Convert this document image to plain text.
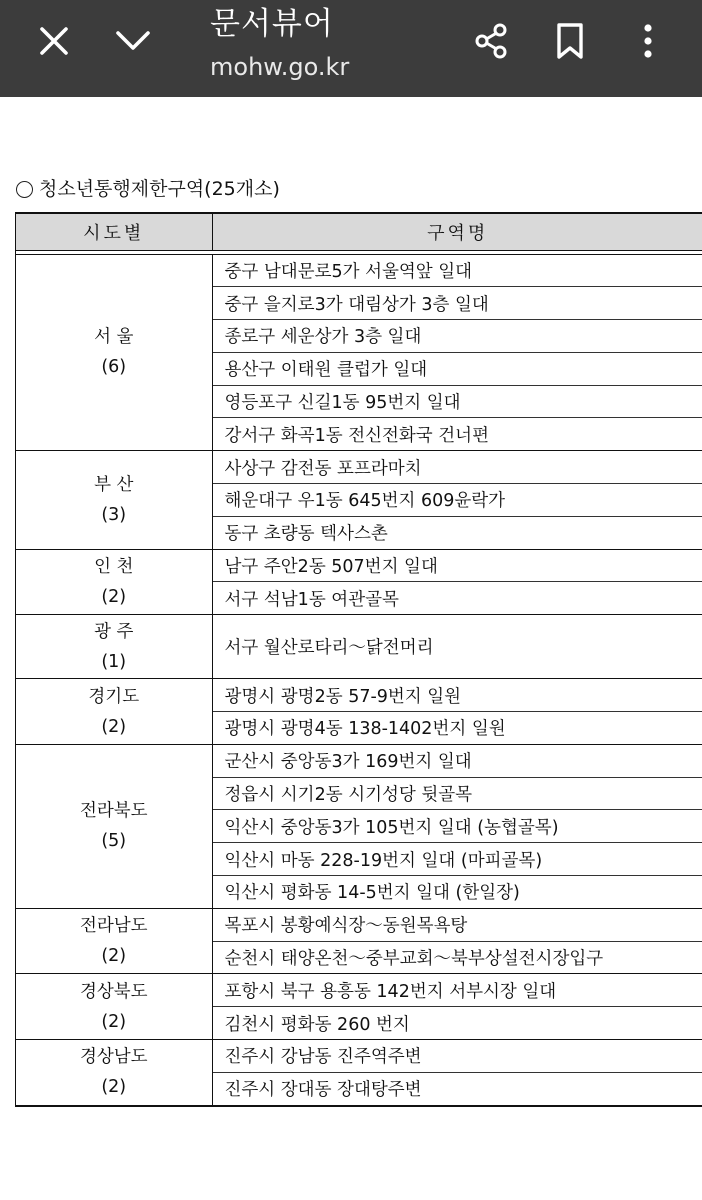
문서뷰어
mohw.go.kr
청소년통행제한구역(25개소)
시도별	구역명

서 울
(6)	중구 남대문로5가 서울역앞 일대
	중구 을지로3가 대림상가 3층 일대
	종로구 세운상가 3층 일대
	용산구 이태원 클럽가 일대
	영등포구 신길1동 95번지 일대
	강서구 화곡1동 전신전화국 건너편

부 산
(3)	사상구 감전동 포프라마치
	해운대구 우1동 645번지 609윤락가
	동구 초량동 텍사스촌

인 천
(2)	남구 주안2동 507번지 일대
	서구 석남1동 여관골목

광 주
(1)	서구 월산로타리～닭전머리

경기도
(2)	광명시 광명2동 57-9번지 일원
	광명시 광명4동 138-1402번지 일원

전라북도
(5)	군산시 중앙동3가 169번지 일대
	정읍시 시기2동 시기성당 뒷골목
	익산시 중앙동3가 105번지 일대 (농협골목)
	익산시 마동 228-19번지 일대 (마피골목)
	익산시 평화동 14-5번지 일대 (한일장)

전라남도
(2)	목포시 봉황예식장～동원목욕탕
	순천시 태양온천～중부교회～북부상설전시장입구

경상북도
(2)	포항시 북구 용흥동 142번지 서부시장 일대
	김천시 평화동 260 번지

경상남도
(2)	진주시 강남동 진주역주변
	진주시 장대동 장대탕주변
